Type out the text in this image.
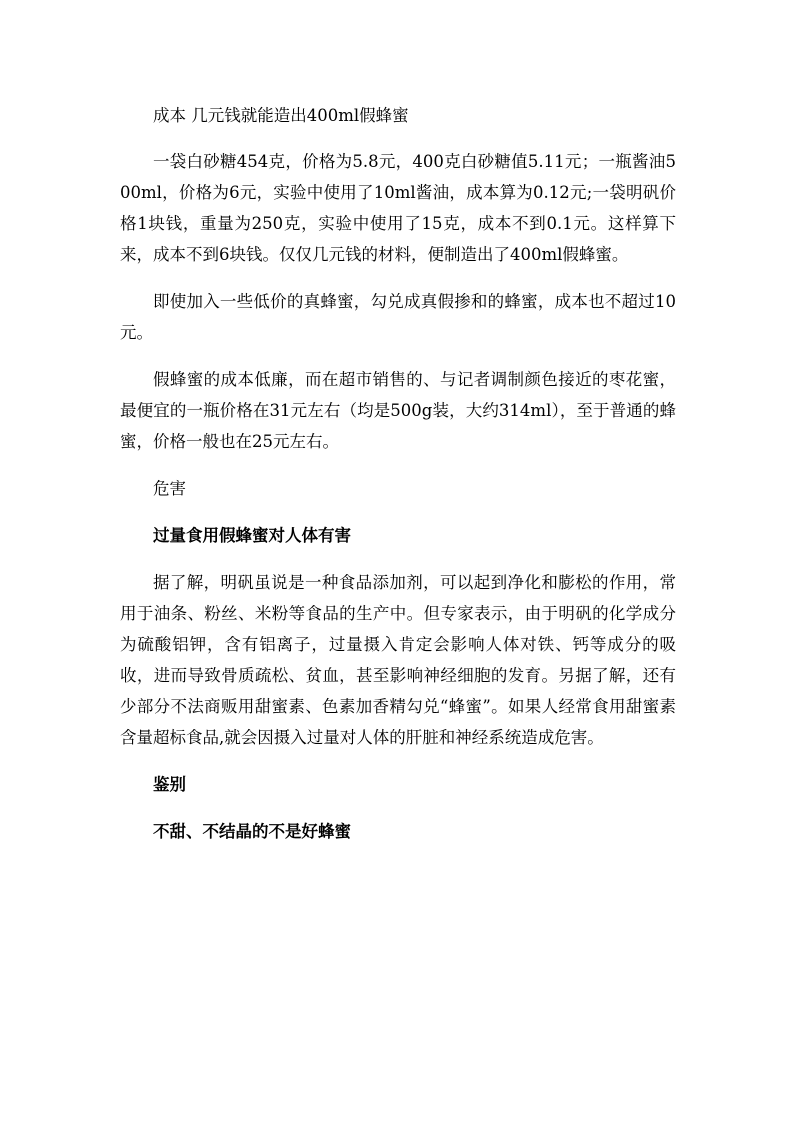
成本 几元钱就能造出400ml假蜂蜜

一袋白砂糖454克，价格为5.8元，400克白砂糖值5.11元；一瓶酱油500ml，价格为6元，实验中使用了10ml酱油，成本算为0.12元;一袋明矾价格1块钱，重量为250克，实验中使用了15克，成本不到0.1元。这样算下来，成本不到6块钱。仅仅几元钱的材料，便制造出了400ml假蜂蜜。

即使加入一些低价的真蜂蜜，勾兑成真假掺和的蜂蜜，成本也不超过10元。

假蜂蜜的成本低廉，而在超市销售的、与记者调制颜色接近的枣花蜜，最便宜的一瓶价格在31元左右（均是500g装，大约314ml），至于普通的蜂蜜，价格一般也在25元左右。

危害

过量食用假蜂蜜对人体有害

据了解，明矾虽说是一种食品添加剂，可以起到净化和膨松的作用，常用于油条、粉丝、米粉等食品的生产中。但专家表示，由于明矾的化学成分为硫酸铝钾，含有铝离子，过量摄入肯定会影响人体对铁、钙等成分的吸收，进而导致骨质疏松、贫血，甚至影响神经细胞的发育。另据了解，还有少部分不法商贩用甜蜜素、色素加香精勾兑“蜂蜜”。如果人经常食用甜蜜素含量超标食品,就会因摄入过量对人体的肝脏和神经系统造成危害。

鉴别

不甜、不结晶的不是好蜂蜜
